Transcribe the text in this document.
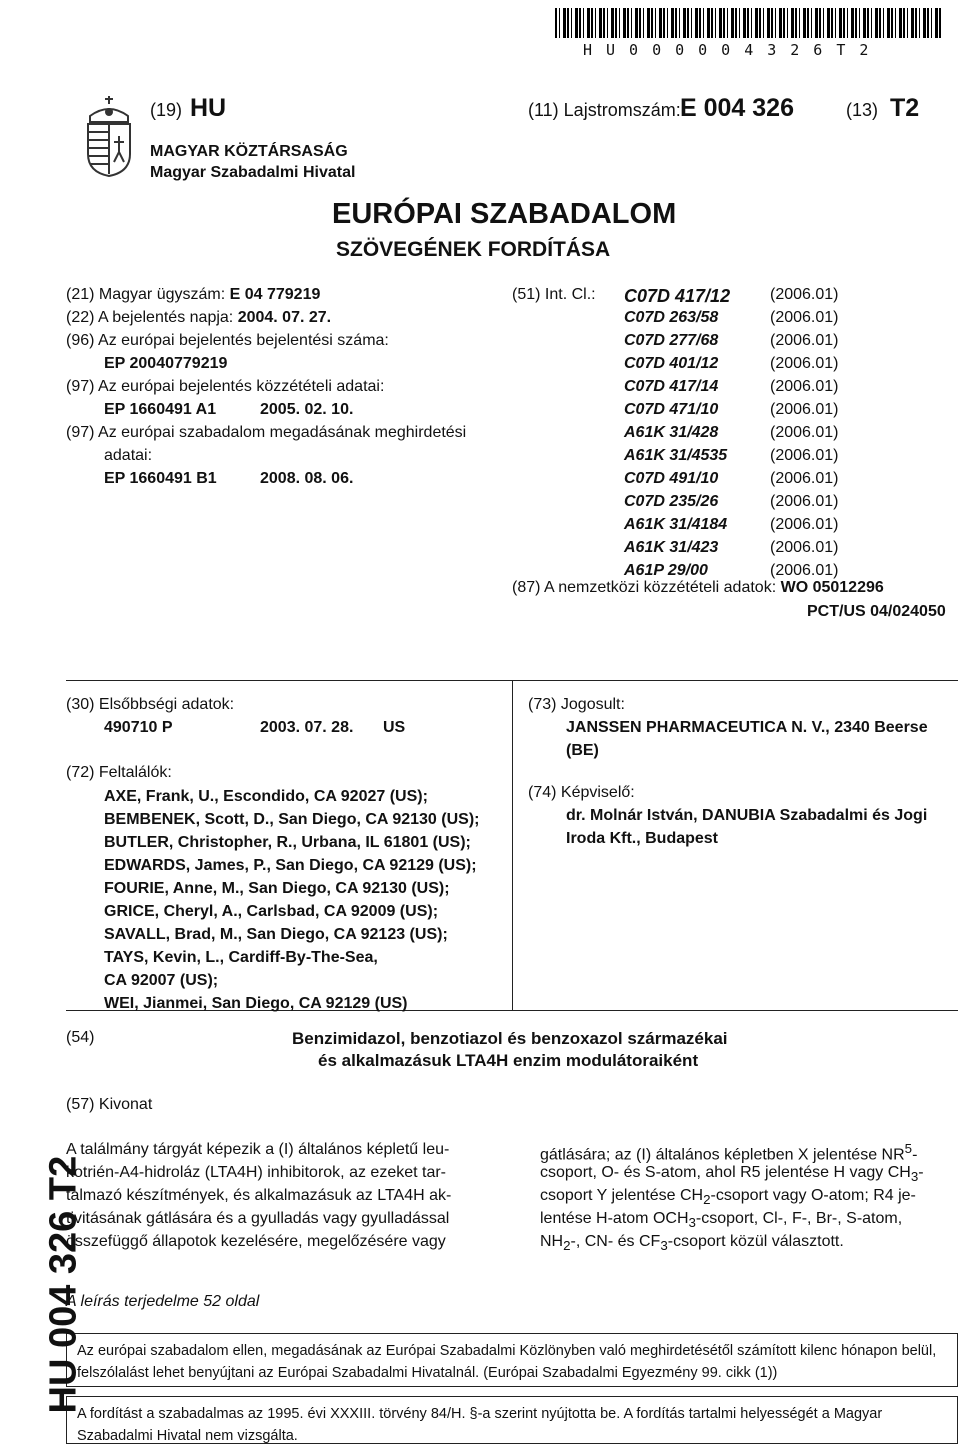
HU000004326T2
(19) HU	(11) Lajstromszám: E 004 326	(13) T2
MAGYAR KÖZTÁRSASÁG
Magyar Szabadalmi Hivatal
EURÓPAI SZABADALOM
SZÖVEGÉNEK FORDÍTÁSA
(21) Magyar ügyszám: E 04 779219
(22) A bejelentés napja: 2004. 07. 27.
(96) Az európai bejelentés bejelentési száma:
EP 20040779219
(97) Az európai bejelentés közzétételi adatai:
EP 1660491 A1	2005. 02. 10.
(97) Az európai szabadalom megadásának meghirdetési
adatai:
EP 1660491 B1	2008. 08. 06.
(51) Int. Cl.: C07D 417/12 (2006.01)
C07D 263/58	(2006.01)
C07D 277/68	(2006.01)
C07D 401/12	(2006.01)
C07D 417/14	(2006.01)
C07D 471/10	(2006.01)
A61K 31/428	(2006.01)
A61K 31/4535	(2006.01)
C07D 491/10	(2006.01)
C07D 235/26	(2006.01)
A61K 31/4184	(2006.01)
A61K 31/423	(2006.01)
A61P 29/00	(2006.01)
(87) A nemzetközi közzétételi adatok: WO 05012296
PCT/US 04/024050
(30) Elsőbbségi adatok:
490710 P	2003. 07. 28. US
(72) Feltalálók:
AXE, Frank, U., Escondido, CA 92027 (US);
BEMBENEK, Scott, D., San Diego, CA 92130 (US);
BUTLER, Christopher, R., Urbana, IL 61801 (US);
EDWARDS, James, P., San Diego, CA 92129 (US);
FOURIE, Anne, M., San Diego, CA 92130 (US);
GRICE, Cheryl, A., Carlsbad, CA 92009 (US);
SAVALL, Brad, M., San Diego, CA 92123 (US);
TAYS, Kevin, L., Cardiff-By-The-Sea,
CA 92007 (US);
WEI, Jianmei, San Diego, CA 92129 (US)
(73) Jogosult:
JANSSEN PHARMACEUTICA N. V., 2340 Beerse
(BE)
(74) Képviselő:
dr. Molnár István, DANUBIA Szabadalmi és Jogi
Iroda Kft., Budapest
(54)	Benzimidazol, benzotiazol és benzoxazol származékai
és alkalmazásuk LTA4H enzim modulátoraiként
(57) Kivonat
A találmány tárgyát képezik a (I) általános képletű leu-
kotrién-A4-hidroláz (LTA4H) inhibitorok, az ezeket tar-
talmazó készítmények, és alkalmazásuk az LTA4H ak-
tivitásának gátlására és a gyulladás vagy gyulladással
összefüggő állapotok kezelésére, megelőzésére vagy
gátlására; az (I) általános képletben X jelentése $NR^5-$
csoport, O- és S-atom, ahol R5 jelentése H vagy $CH_3-$
csoport Y jelentése $CH_2$-csoport vagy O-atom; R4 je-
lentése H-atom $OCH_3$-csoport, Cl-, F-, Br-, S-atom,
$NH_2-$, CN- és $CF_3$-csoport közül választott.
A leírás terjedelme 52 oldal
Az európai szabadalom ellen, megadásának az Európai Szabadalmi Közlönyben való meghirdetésétől számított kilenc hónapon belül, felszólalást lehet benyújtani az Európai Szabadalmi Hivatalnál. (Európai Szabadalmi Egyezmény 99. cikk (1))
A fordítást a szabadalmas az 1995. évi XXXIII. törvény 84/H. §-a szerint nyújtotta be. A fordítás tartalmi helyességét a Magyar Szabadalmi Hivatal nem vizsgálta.
HU 004 326 T2
